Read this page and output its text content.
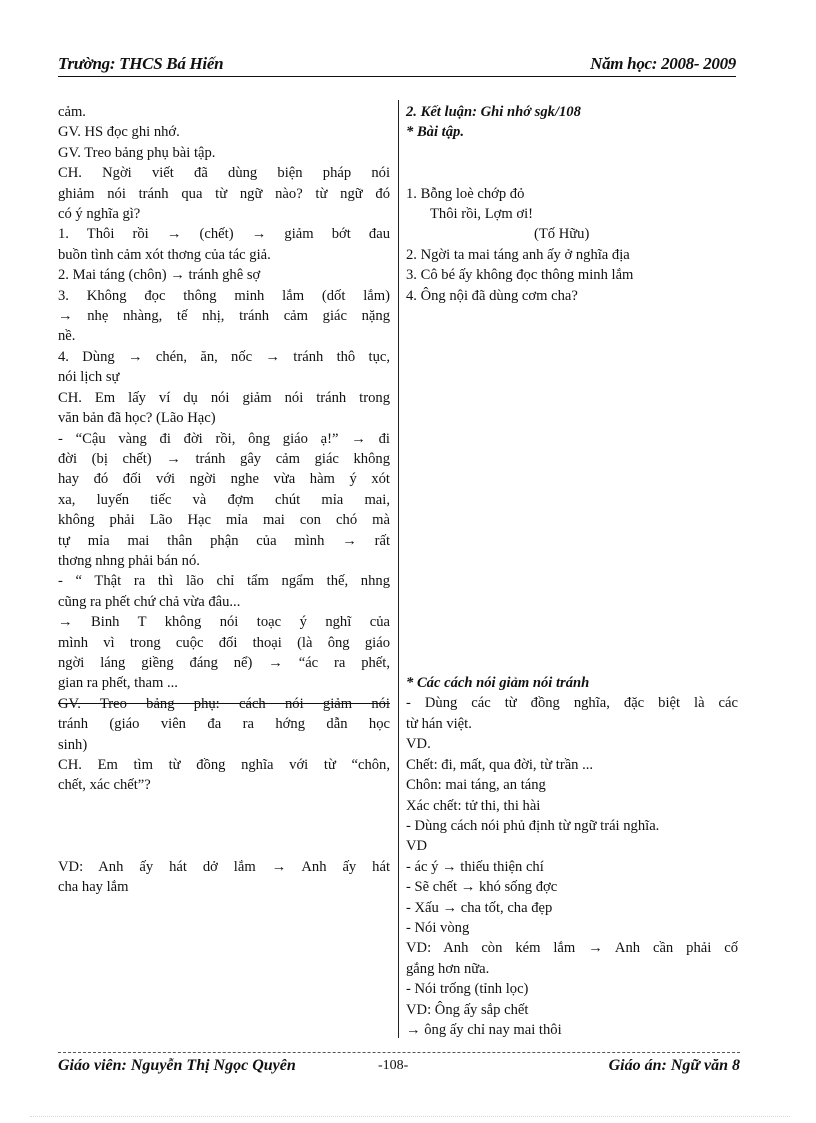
Trường: THCS Bá Hiến	Năm học: 2008- 2009

cảm.

GV. HS đọc ghi nhớ.

GV. Treo bảng phụ bài tập.

CH. Ngời viết đã dùng biện pháp nói

ghiảm nói tránh qua từ ngữ nào? từ ngữ đó

có ý nghĩa gì?

1. Thôi rồi → (chết) → giảm bớt đau

buồn tình cảm xót thơng của tác giả.

2. Mai táng (chôn) → tránh ghê sợ

3. Không đọc thông minh lắm (dốt lắm)

→ nhẹ nhàng, tế nhị, tránh cảm giác nặng

nề.

4. Dùng → chén, ăn, nốc → tránh thô tục,

nói lịch sự

CH. Em lấy ví dụ nói giảm nói tránh trong

văn bản đã học? (Lão Hạc)

- “Cậu vàng đi đời rồi, ông giáo ạ!” → đi

đời (bị chết) → tránh gây cảm giác không

hay đó đối với ngời nghe vừa hàm ý xót

xa, luyến tiếc và đợm chút mỉa mai,

không phải Lão Hạc mỉa mai con chó mà

tự mỉa mai thân phận của mình → rất

thơng nhng phải bán nó.

- “ Thật ra thì lão chỉ tẩm ngẩm thế, nhng

cũng ra phết chứ chả vừa đâu...

→ Binh T không nói toạc ý nghĩ của

mình vì trong cuộc đối thoại (là ông giáo

ngời láng giềng đáng nể) → “ác ra phết,

gian ra phết, tham ...

GV. Treo bảng phụ: cách nói giảm nói

tránh (giáo viên đa ra hớng dẫn học

sinh)

CH. Em tìm từ đồng nghĩa với từ “chôn,

chết, xác chết”?

VD: Anh ấy hát dở lắm → Anh ấy hát

cha hay lắm

2. Kết luận: Ghi nhớ sgk/108

* Bài tập.

1. Bỗng loè chớp đỏ

Thôi rồi, Lợm ơi!

(Tố Hữu)

2. Ngời ta mai táng anh ấy ở nghĩa địa

3. Cô bé ấy không đọc thông minh lắm

4. Ông nội đã dùng cơm cha?

* Các cách nói giảm nói tránh

- Dùng các từ đồng nghĩa, đặc biệt là các

từ hán việt.

VD.

Chết: đi, mất, qua đời, từ trần ...

Chôn: mai táng, an táng

Xác chết: tử thi, thi hài

- Dùng cách nói phủ định từ ngữ trái nghĩa.

VD

- ác ý → thiếu thiện chí

- Sẽ chết → khó sống đợc

- Xấu → cha tốt, cha đẹp

- Nói vòng

VD: Anh còn kém lắm → Anh cần phải cố

gắng hơn nữa.

- Nói trống (tỉnh lọc)

VD: Ông ấy sắp chết

→ ông ấy chỉ nay mai thôi

Giáo viên: Nguyễn Thị Ngọc Quyên	-108-	Giáo án: Ngữ văn 8
